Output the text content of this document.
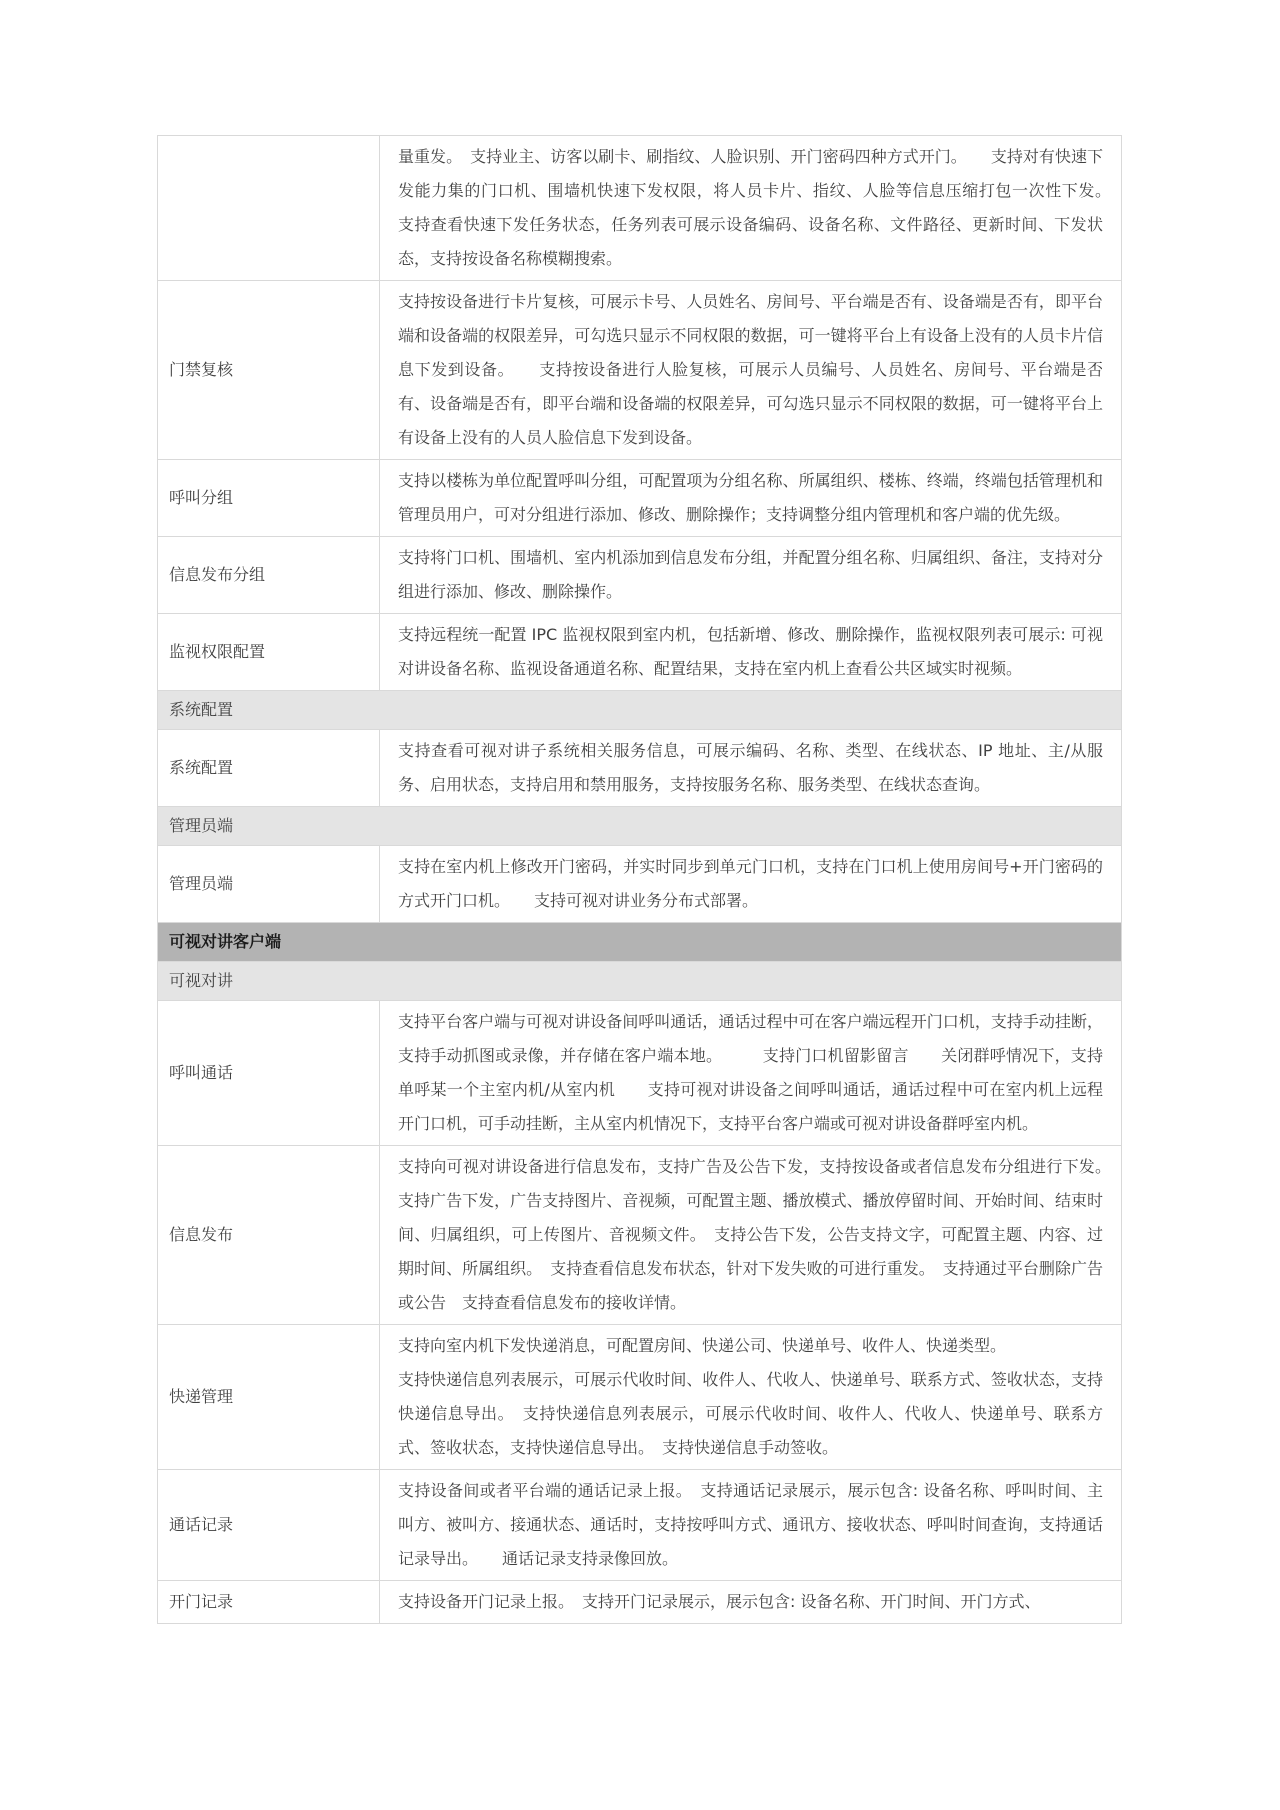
	量重发。　支持业主、访客以刷卡、刷指纹、人脸识别、开门密码四种方式开门。　　支持对有快速下发能力集的门口机、围墙机快速下发权限，将人员卡片、指纹、人脸等信息压缩打包一次性下发。　支持查看快速下发任务状态，任务列表可展示设备编码、设备名称、文件路径、更新时间、下发状态，支持按设备名称模糊搜索。

门禁复核	支持按设备进行卡片复核，可展示卡号、人员姓名、房间号、平台端是否有、设备端是否有，即平台端和设备端的权限差异，可勾选只显示不同权限的数据，可一键将平台上有设备上没有的人员卡片信息下发到设备。　　支持按设备进行人脸复核，可展示人员编号、人员姓名、房间号、平台端是否有、设备端是否有，即平台端和设备端的权限差异，可勾选只显示不同权限的数据，可一键将平台上有设备上没有的人员人脸信息下发到设备。

呼叫分组	支持以楼栋为单位配置呼叫分组，可配置项为分组名称、所属组织、楼栋、终端，终端包括管理机和管理员用户，可对分组进行添加、修改、删除操作；支持调整分组内管理机和客户端的优先级。

信息发布分组	支持将门口机、围墙机、室内机添加到信息发布分组，并配置分组名称、归属组织、备注，支持对分组进行添加、修改、删除操作。

监视权限配置	支持远程统一配置 IPC 监视权限到室内机，包括新增、修改、删除操作，监视权限列表可展示: 可视对讲设备名称、监视设备通道名称、配置结果，支持在室内机上查看公共区域实时视频。

系统配置	
系统配置	支持查看可视对讲子系统相关服务信息，可展示编码、名称、类型、在线状态、IP 地址、主/从服务、启用状态，支持启用和禁用服务，支持按服务名称、服务类型、在线状态查询。

管理员端	
管理员端	支持在室内机上修改开门密码，并实时同步到单元门口机，支持在门口机上使用房间号+开门密码的方式开门口机。　　支持可视对讲业务分布式部署。

可视对讲客户端	
可视对讲	
呼叫通话	支持平台客户端与可视对讲设备间呼叫通话，通话过程中可在客户端远程开门口机，支持手动挂断，支持手动抓图或录像，并存储在客户端本地。　　　支持门口机留影留言　　关闭群呼情况下，支持单呼某一个主室内机/从室内机　　支持可视对讲设备之间呼叫通话，通话过程中可在室内机上远程开门口机，可手动挂断，主从室内机情况下，支持平台客户端或可视对讲设备群呼室内机。

信息发布	支持向可视对讲设备进行信息发布，支持广告及公告下发，支持按设备或者信息发布分组进行下发。　　支持广告下发，广告支持图片、音视频，可配置主题、播放模式、播放停留时间、开始时间、结束时间、归属组织，可上传图片、音视频文件。　支持公告下发，公告支持文字，可配置主题、内容、过期时间、所属组织。　支持查看信息发布状态，针对下发失败的可进行重发。　支持通过平台删除广告或公告　支持查看信息发布的接收详情。

快递管理	支持向室内机下发快递消息，可配置房间、快递公司、快递单号、收件人、快递类型。
支持快递信息列表展示，可展示代收时间、收件人、代收人、快递单号、联系方式、签收状态，支持快递信息导出。　支持快递信息列表展示，可展示代收时间、收件人、代收人、快递单号、联系方式、签收状态，支持快递信息导出。　支持快递信息手动签收。

通话记录	支持设备间或者平台端的通话记录上报。　支持通话记录展示，展示包含: 设备名称、呼叫时间、主叫方、被叫方、接通状态、通话时，支持按呼叫方式、通讯方、接收状态、呼叫时间查询，支持通话记录导出。　　通话记录支持录像回放。

开门记录	支持设备开门记录上报。　支持开门记录展示，展示包含: 设备名称、开门时间、开门方式、
